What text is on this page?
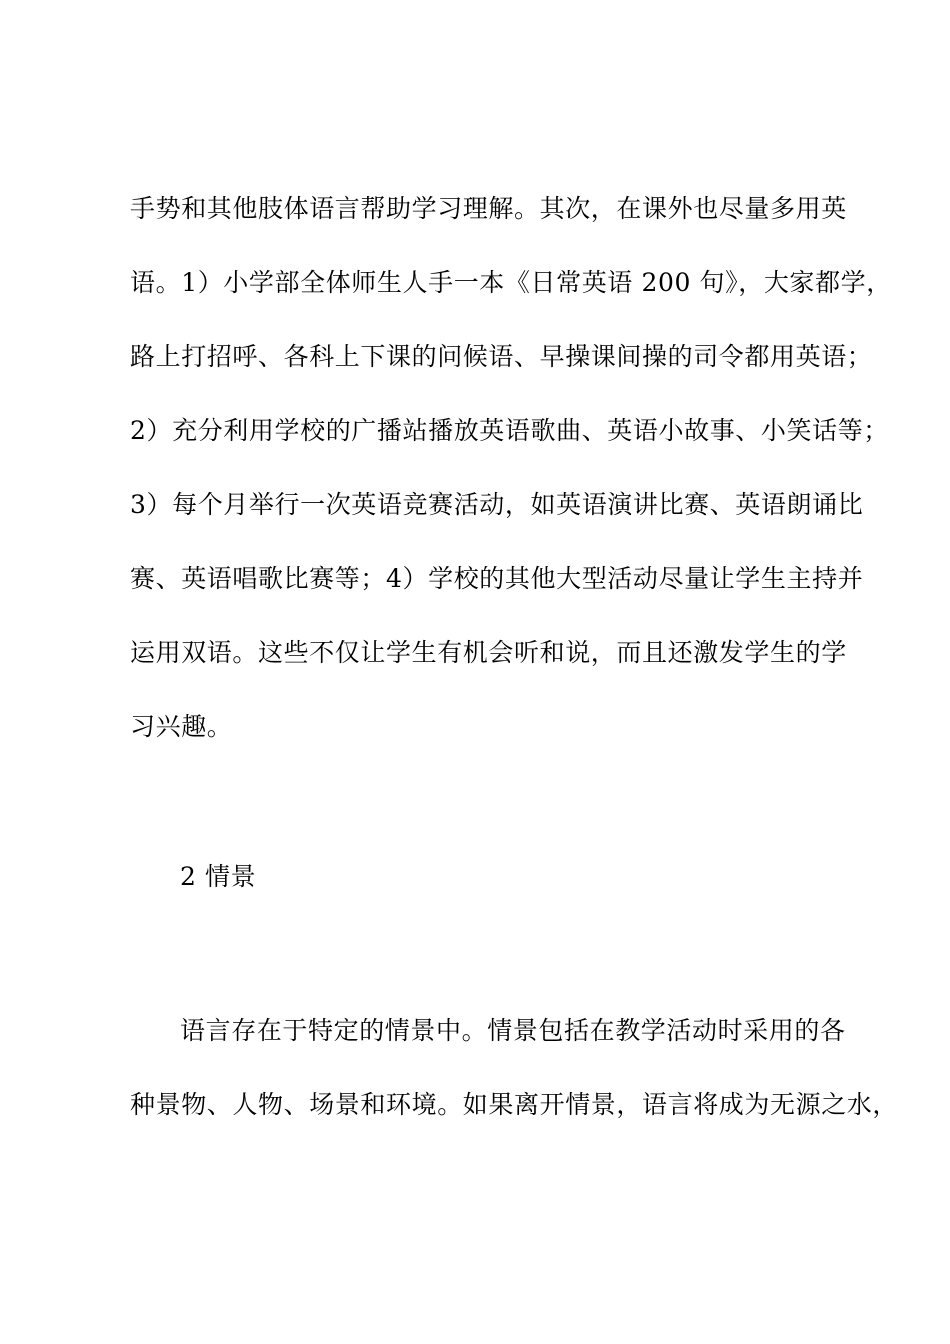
手势和其他肢体语言帮助学习理解。其次，在课外也尽量多用英
语。1）小学部全体师生人手一本《日常英语 200 句》，大家都学，
路上打招呼、各科上下课的问候语、早操课间操的司令都用英语；
2）充分利用学校的广播站播放英语歌曲、英语小故事、小笑话等；
3）每个月举行一次英语竞赛活动，如英语演讲比赛、英语朗诵比
赛、英语唱歌比赛等；4）学校的其他大型活动尽量让学生主持并
运用双语。这些不仅让学生有机会听和说，而且还激发学生的学
习兴趣。
2 情景
语言存在于特定的情景中。情景包括在教学活动时采用的各
种景物、人物、场景和环境。如果离开情景，语言将成为无源之水，
